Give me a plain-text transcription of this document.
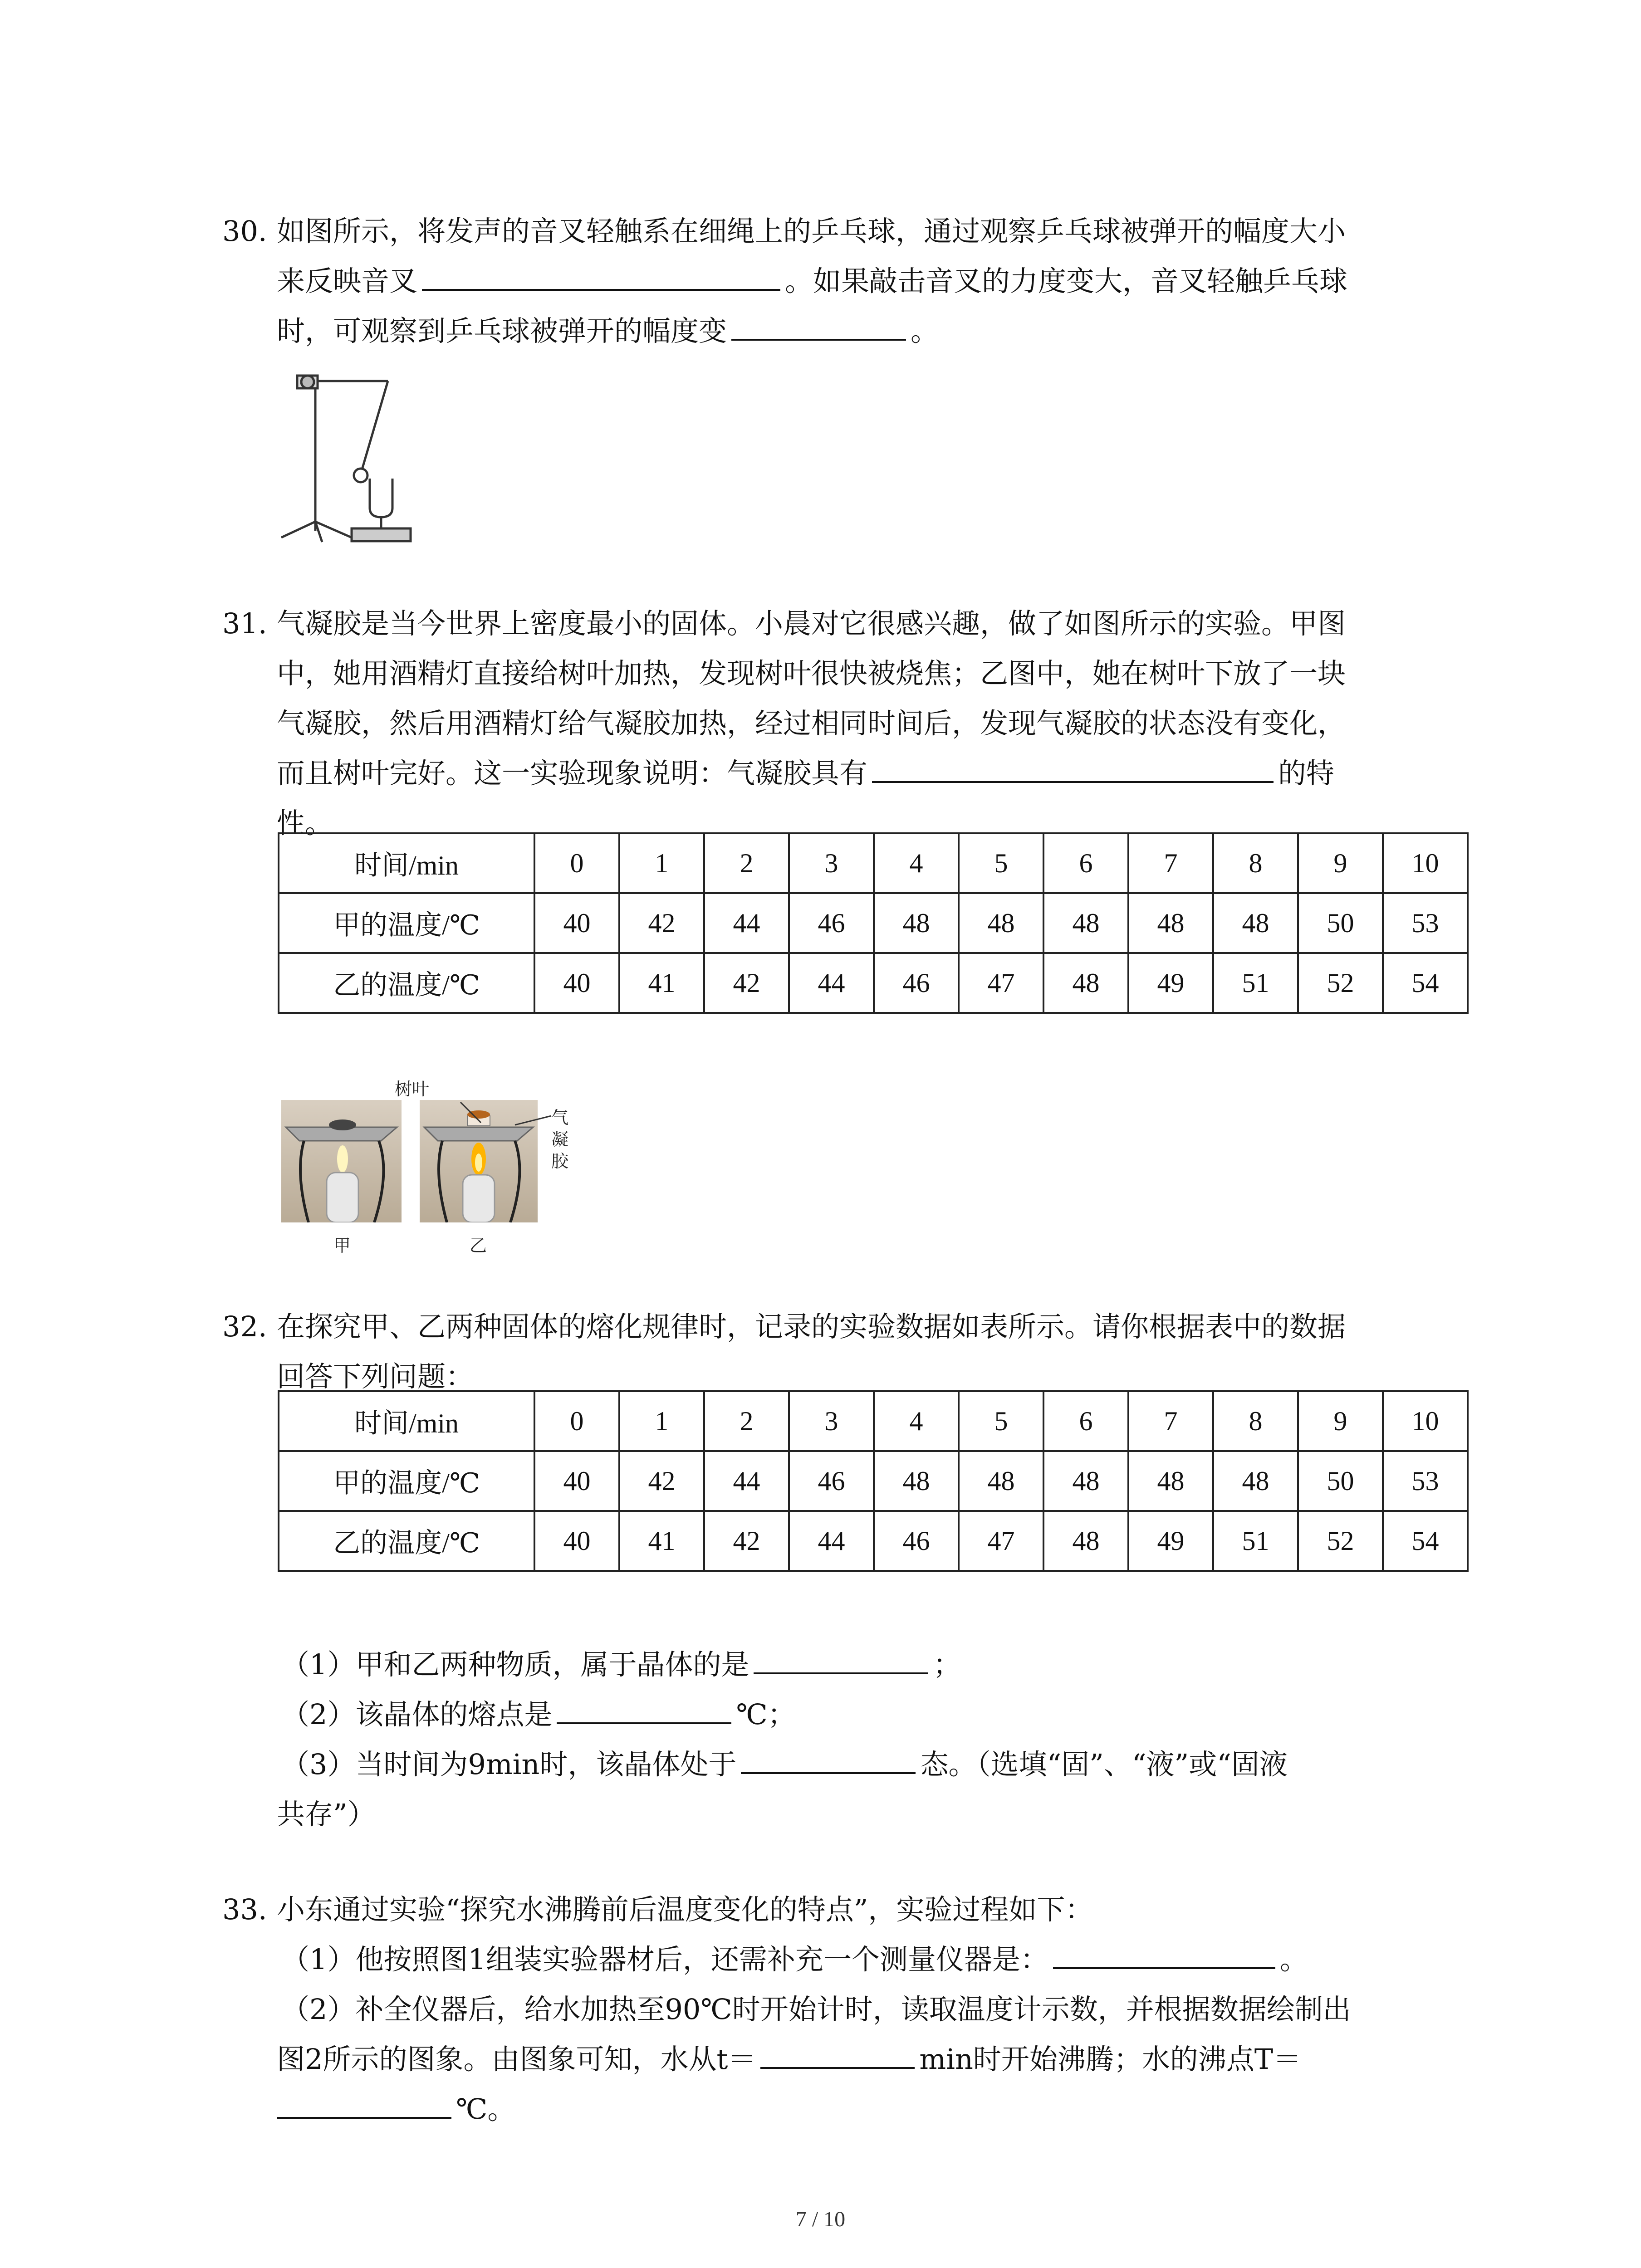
30. 如图所示，将发声的音叉轻触系在细绳上的乒乓球，通过观察乒乓球被弹开的幅度大小
来反映音叉	。如果敲击音叉的力度变大，音叉轻触乒乓球
时，可观察到乒乓球被弹开的幅度变	。
31. 气凝胶是当今世界上密度最小的固体。小晨对它很感兴趣，做了如图所示的实验。甲图
中，她用酒精灯直接给树叶加热，发现树叶很快被烧焦；乙图中，她在树叶下放了一块
气凝胶，然后用酒精灯给气凝胶加热，经过相同时间后，发现气凝胶的状态没有变化，
而且树叶完好。这一实验现象说明：气凝胶具有	的特
性。
时间/min	0	1	2	3	4	5	6	7	8	9	10
甲的温度/℃	40	42	44	46	48	48	48	48	48	50	53
乙的温度/℃	40	41	42	44	46	47	48	49	51	52	54
树叶
气凝胶
甲	乙
32. 在探究甲、乙两种固体的熔化规律时，记录的实验数据如表所示。请你根据表中的数据
回答下列问题：
时间/min	0	1	2	3	4	5	6	7	8	9	10
甲的温度/℃	40	42	44	46	48	48	48	48	48	50	53
乙的温度/℃	40	41	42	44	46	47	48	49	51	52	54
（1）甲和乙两种物质，属于晶体的是	；
（2）该晶体的熔点是	℃；
（3）当时间为9min时，该晶体处于	态。（选填“固”、“液”或“固液
共存”）
33. 小东通过实验“探究水沸腾前后温度变化的特点”，实验过程如下：
（1）他按照图1组装实验器材后，还需补充一个测量仪器是：	。
（2）补全仪器后，给水加热至90℃时开始计时，读取温度计示数，并根据数据绘制出
图2所示的图象。由图象可知，水从t＝	min时开始沸腾；水的沸点T＝
℃。
7 / 10
